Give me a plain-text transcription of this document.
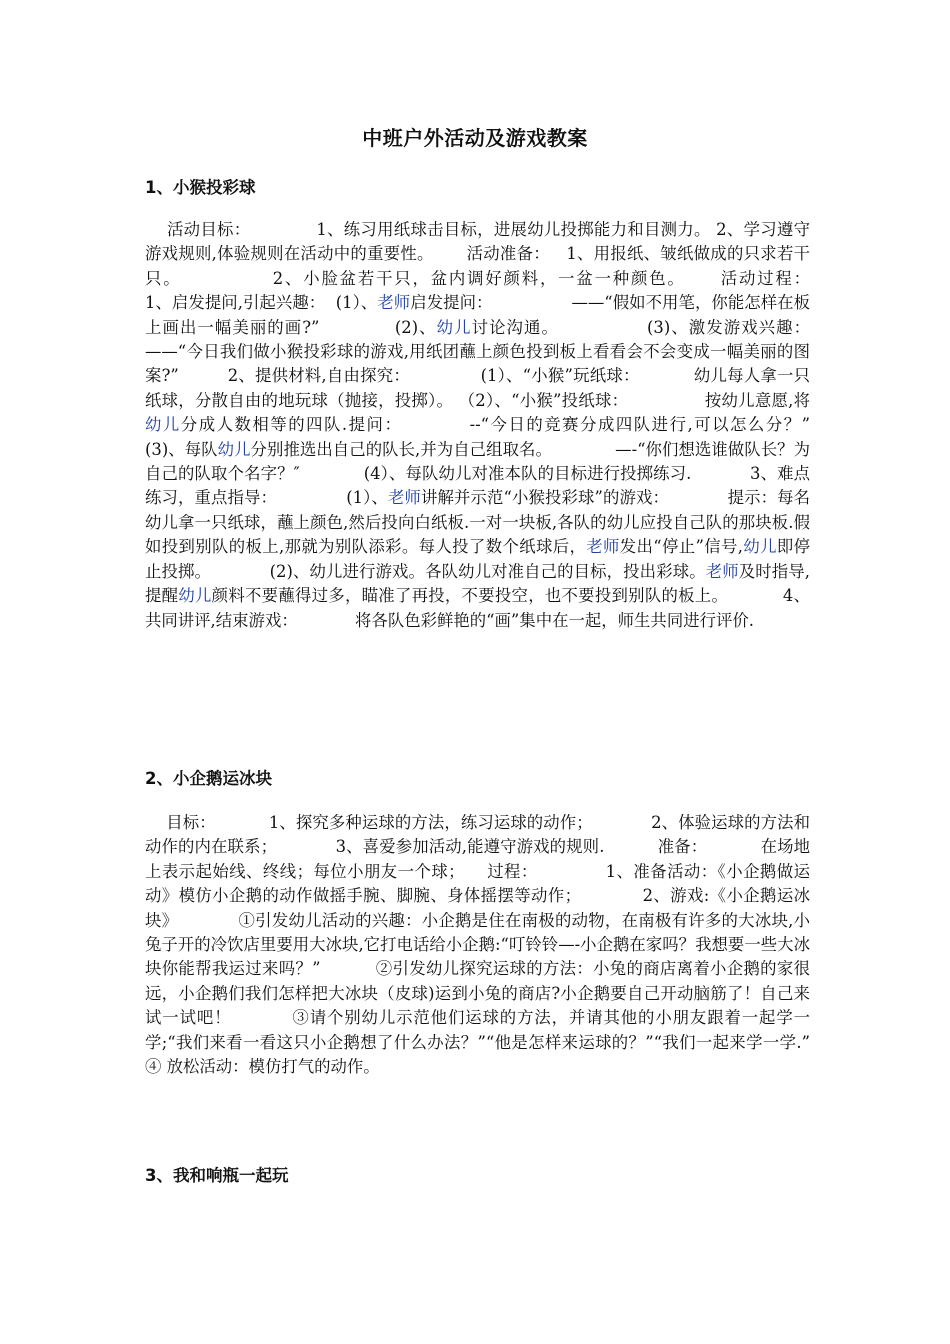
中班户外活动及游戏教案
1、小猴投彩球
活动目标：            1、练习用纸球击目标，进展幼儿投掷能力和目测力。 2、学习遵守游戏规则,体验规则在活动中的重要性。      活动准备：   1、用报纸、皱纸做成的只求若干只。             2、小脸盆若干只，盆内调好颜料，一盆一种颜色。     活动过程：            1、启发提问,引起兴趣：  (1）、老师启发提问：               ——“假如不用笔，你能怎样在板上画出一幅美丽的画?”            (2)、幼儿讨论沟通。              (3)、激发游戏兴趣：——“今日我们做小猴投彩球的游戏,用纸团蘸上颜色投到板上看看会不会变成一幅美丽的图案?”         2、提供材料,自由探究：             (1）、“小猴”玩纸球：          幼儿每人拿一只纸球，分散自由的地玩球（抛接，投掷）。 （2）、“小猴”投纸球：              按幼儿意愿,将幼儿分成人数相等的四队.提问：          --“今日的竞赛分成四队进行,可以怎么分？”            (3)、每队幼儿分别推选出自己的队长,并为自己组取名。            —-“你们想选谁做队长？为自己的队取个名字？″            (4）、每队幼儿对准本队的目标进行投掷练习.           3、难点练习，重点指导：             (1）、老师讲解并示范“小猴投彩球”的游戏：           提示：每名幼儿拿一只纸球，蘸上颜色,然后投向白纸板.一对一块板,各队的幼儿应投自己队的那块板.假如投到别队的板上,那就为别队添彩。每人投了数个纸球后，老师发出“停止”信号,幼儿即停止投掷。           (2)、幼儿进行游戏。各队幼儿对准自己的目标，投出彩球。老师及时指导,提醒幼儿颜料不要蘸得过多，瞄准了再投，不要投空，也不要投到别队的板上。          4、共同讲评,结束游戏：           将各队色彩鲜艳的“画”集中在一起，师生共同进行评价.
2、小企鹅运冰块
目标：          1、探究多种运球的方法，练习运球的动作；           2、体验运球的方法和动作的内在联系；           3、喜爱参加活动,能遵守游戏的规则.          准备：          在场地上表示起始线、终线；每位小朋友一个球；    过程：            1、准备活动：《小企鹅做运动》模仿小企鹅的动作做摇手腕、脚腕、身体摇摆等动作；           2、游戏:《小企鹅运冰块》           ①引发幼儿活动的兴趣：小企鹅是住在南极的动物，在南极有许多的大冰块,小兔子开的冷饮店里要用大冰块,它打电话给小企鹅:“叮铃铃—-小企鹅在家吗？我想要一些大冰块你能帮我运过来吗？”          ②引发幼儿探究运球的方法：小兔的商店离着小企鹅的家很远，小企鹅们我们怎样把大冰块（皮球)运到小兔的商店?小企鹅要自己开动脑筋了！自己来试一试吧！          ③请个别幼儿示范他们运球的方法，并请其他的小朋友跟着一起学一学;“我们来看一看这只小企鹅想了什么办法？”“他是怎样来运球的？”“我们一起来学一学.”           ④ 放松活动：模仿打气的动作。
3、我和响瓶一起玩
